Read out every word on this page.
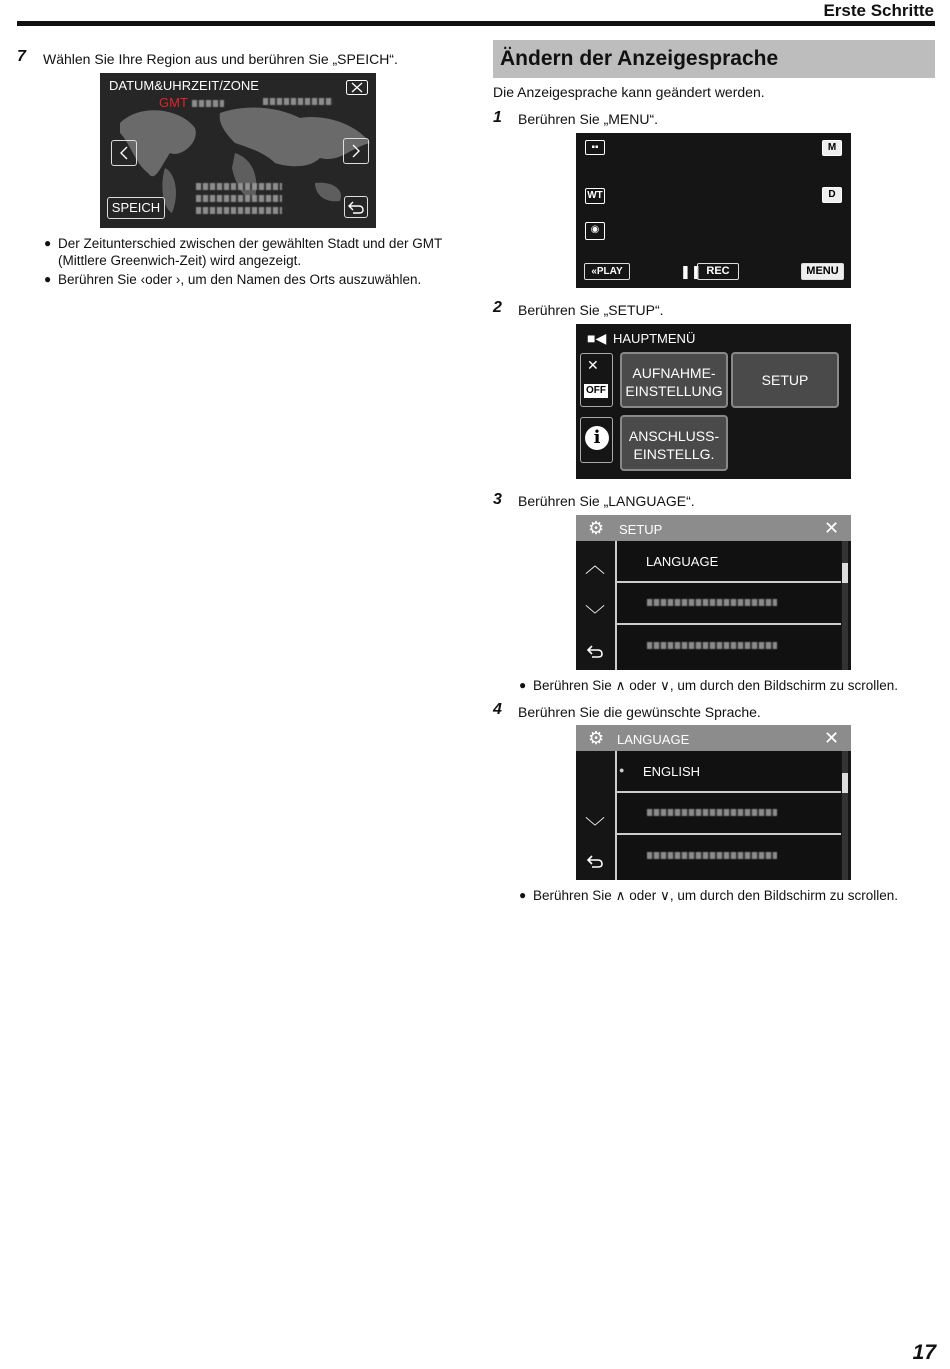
Erste Schritte
7 Wählen Sie Ihre Region aus und berühren Sie „SPEICH“.
DATUM&UHRZEIT/ZONE
GMT
SPEICH
● Der Zeitunterschied zwischen der gewählten Stadt und der GMT
(Mittlere Greenwich-Zeit) wird angezeigt.
● Berühren Sie ‹oder ›, um den Namen des Orts auszuwählen.
Ändern der Anzeigesprache
Die Anzeigesprache kann geändert werden.
1 Berühren Sie „MENU“.
▪▪	M
WT	D
◉
«PLAY	❚❚ REC	MENU
2 Berühren Sie „SETUP“.
■◀ HAUPTMENÜ
✕
OFF
i
AUFNAHME-
EINSTELLUNG
SETUP
ANSCHLUSS-
EINSTELLG.
3 Berühren Sie „LANGUAGE“.
⚙ SETUP	✕
LANGUAGE
︿
﹀
● Berühren Sie ∧ oder ∨, um durch den Bildschirm zu scrollen.
4 Berühren Sie die gewünschte Sprache.
⚙ LANGUAGE	✕
● ENGLISH
﹀
● Berühren Sie ∧ oder ∨, um durch den Bildschirm zu scrollen.
17
